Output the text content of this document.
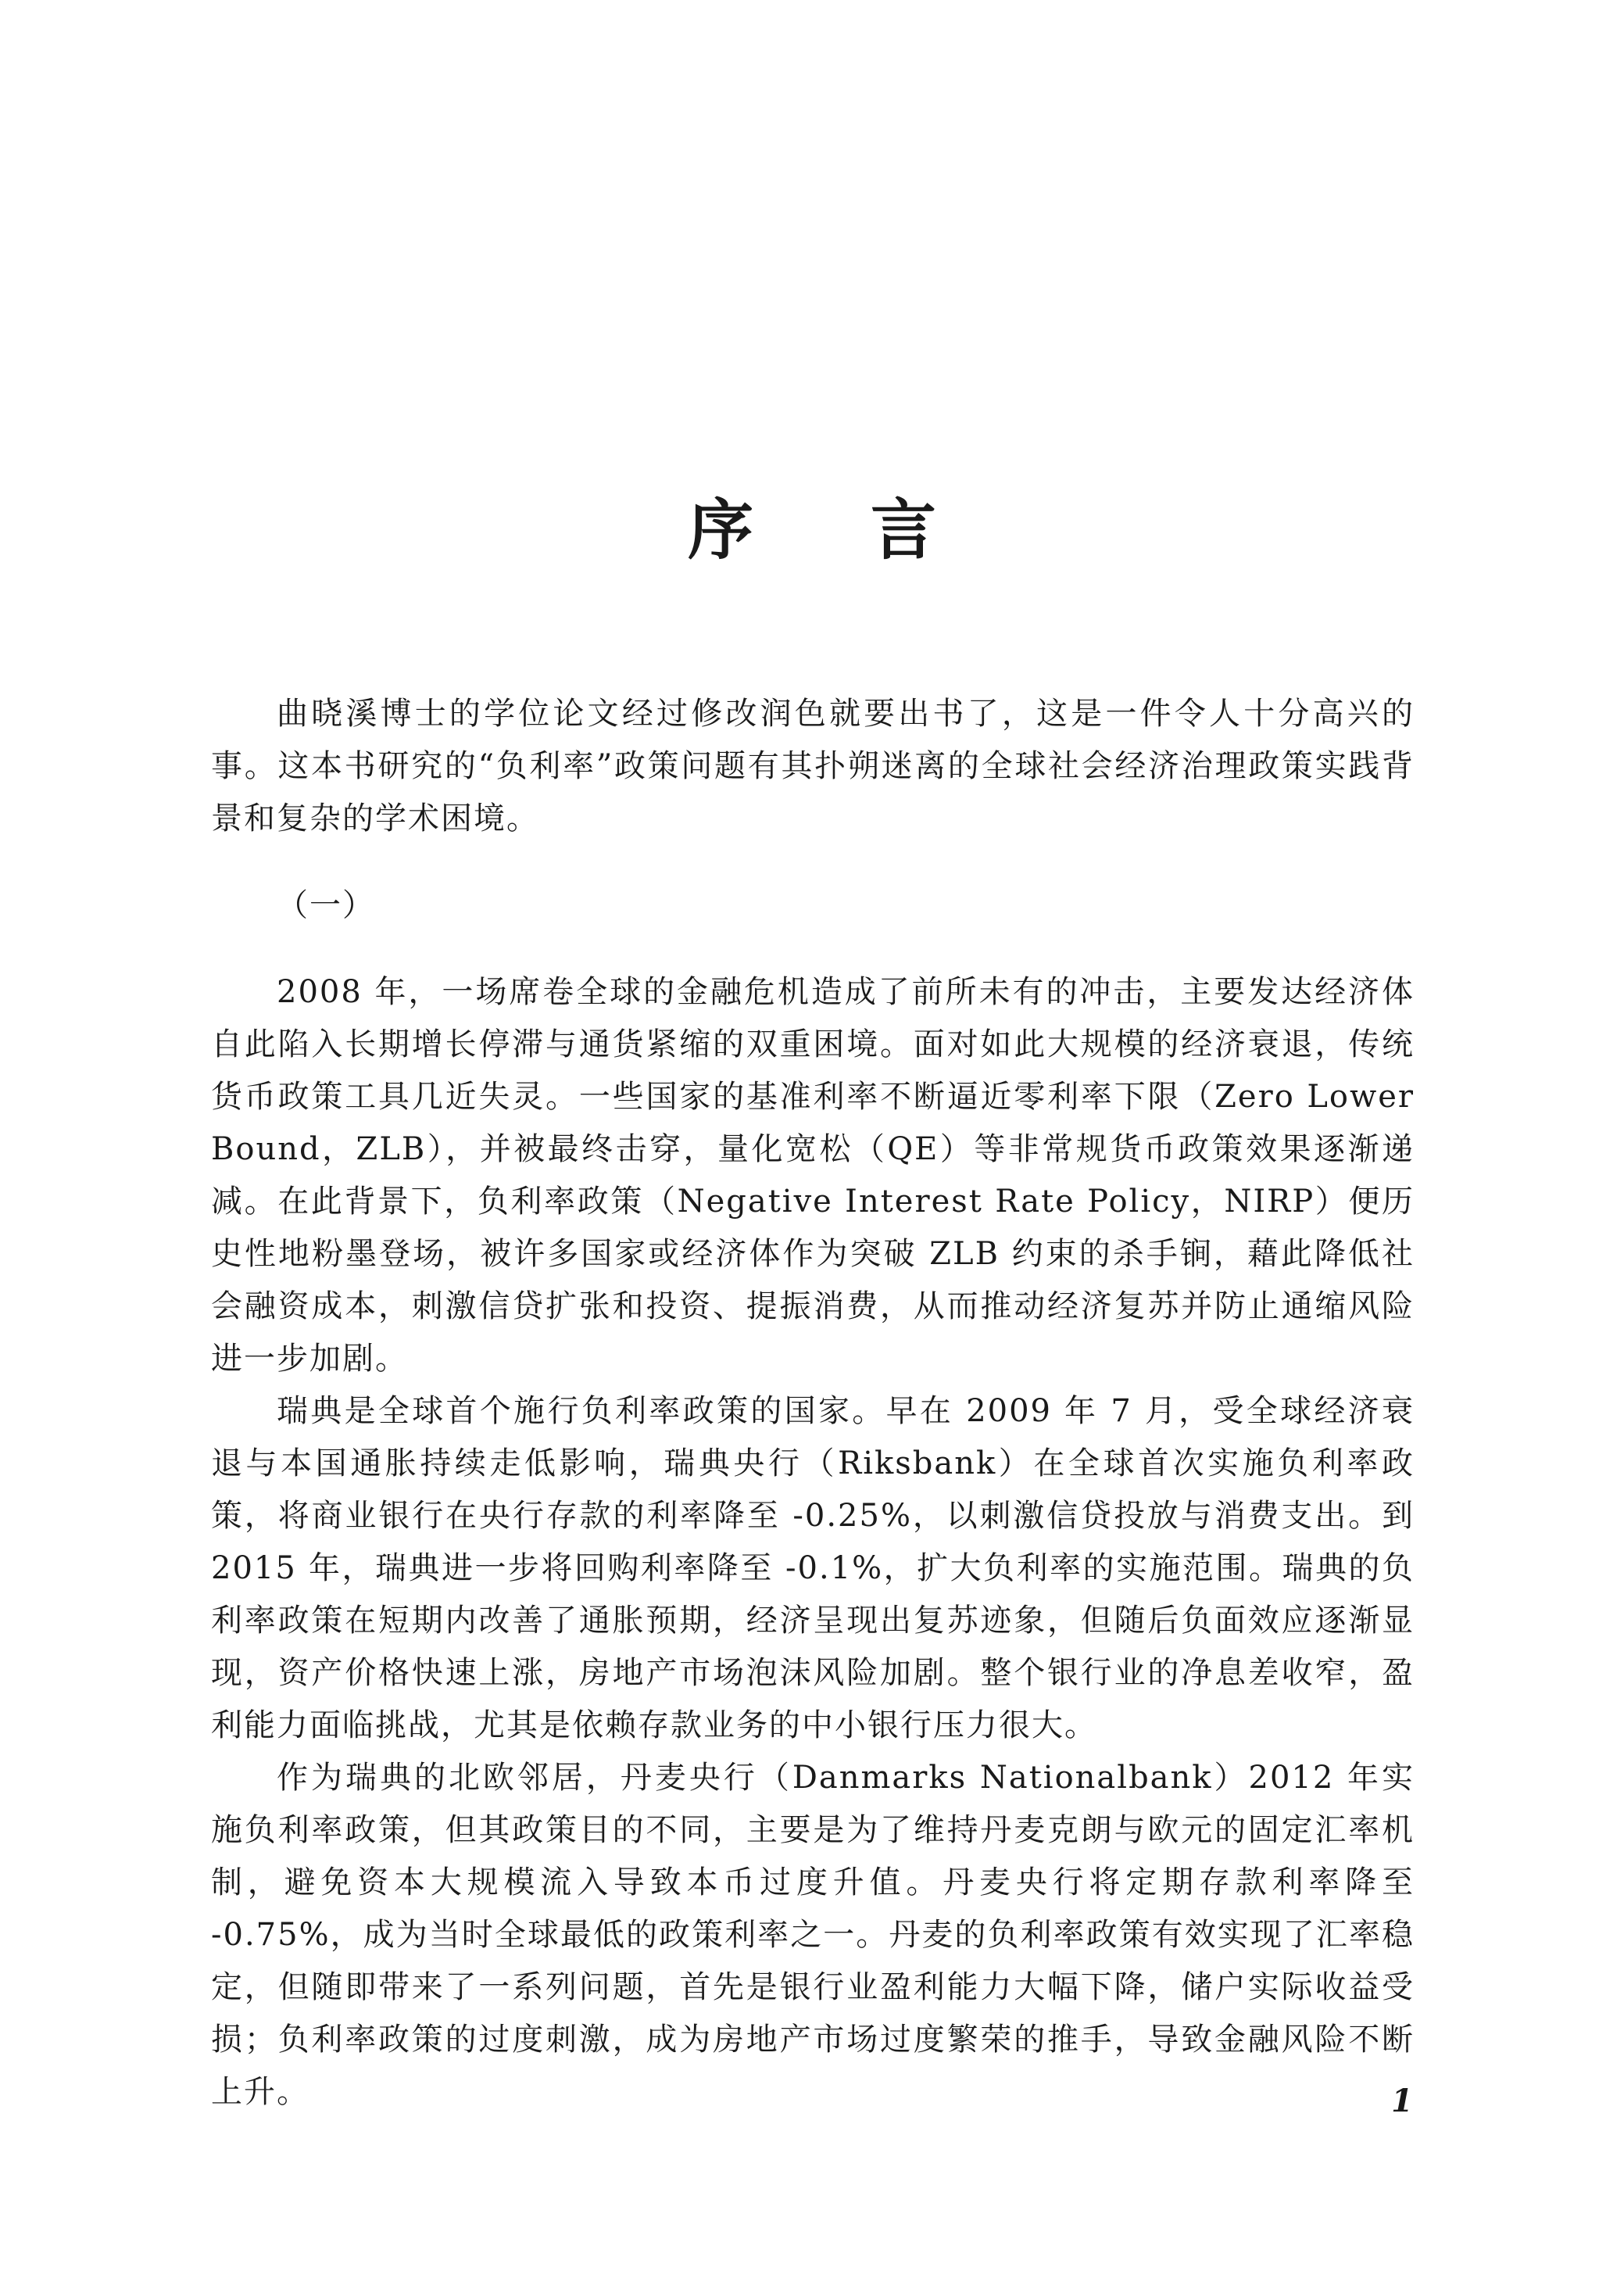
序 言

曲晓溪博士的学位论文经过修改润色就要出书了，这是一件令人十分高兴的事。这本书研究的“负利率”政策问题有其扑朔迷离的全球社会经济治理政策实践背景和复杂的学术困境。

（一）

2008 年，一场席卷全球的金融危机造成了前所未有的冲击，主要发达经济体自此陷入长期增长停滞与通货紧缩的双重困境。面对如此大规模的经济衰退，传统货币政策工具几近失灵。一些国家的基准利率不断逼近零利率下限（Zero Lower Bound，ZLB），并被最终击穿，量化宽松（QE）等非常规货币政策效果逐渐递减。在此背景下，负利率政策（Negative Interest Rate Policy，NIRP）便历史性地粉墨登场，被许多国家或经济体作为突破 ZLB 约束的杀手锏，藉此降低社会融资成本，刺激信贷扩张和投资、提振消费，从而推动经济复苏并防止通缩风险进一步加剧。

瑞典是全球首个施行负利率政策的国家。早在 2009 年 7 月，受全球经济衰退与本国通胀持续走低影响，瑞典央行（Riksbank）在全球首次实施负利率政策，将商业银行在央行存款的利率降至 -0.25%，以刺激信贷投放与消费支出。到 2015 年，瑞典进一步将回购利率降至 -0.1%，扩大负利率的实施范围。瑞典的负利率政策在短期内改善了通胀预期，经济呈现出复苏迹象，但随后负面效应逐渐显现，资产价格快速上涨，房地产市场泡沫风险加剧。整个银行业的净息差收窄，盈利能力面临挑战，尤其是依赖存款业务的中小银行压力很大。

作为瑞典的北欧邻居，丹麦央行（Danmarks Nationalbank）2012 年实施负利率政策，但其政策目的不同，主要是为了维持丹麦克朗与欧元的固定汇率机制，避免资本大规模流入导致本币过度升值。丹麦央行将定期存款利率降至 -0.75%，成为当时全球最低的政策利率之一。丹麦的负利率政策有效实现了汇率稳定，但随即带来了一系列问题，首先是银行业盈利能力大幅下降，储户实际收益受损；负利率政策的过度刺激，成为房地产市场过度繁荣的推手，导致金融风险不断上升。	1
